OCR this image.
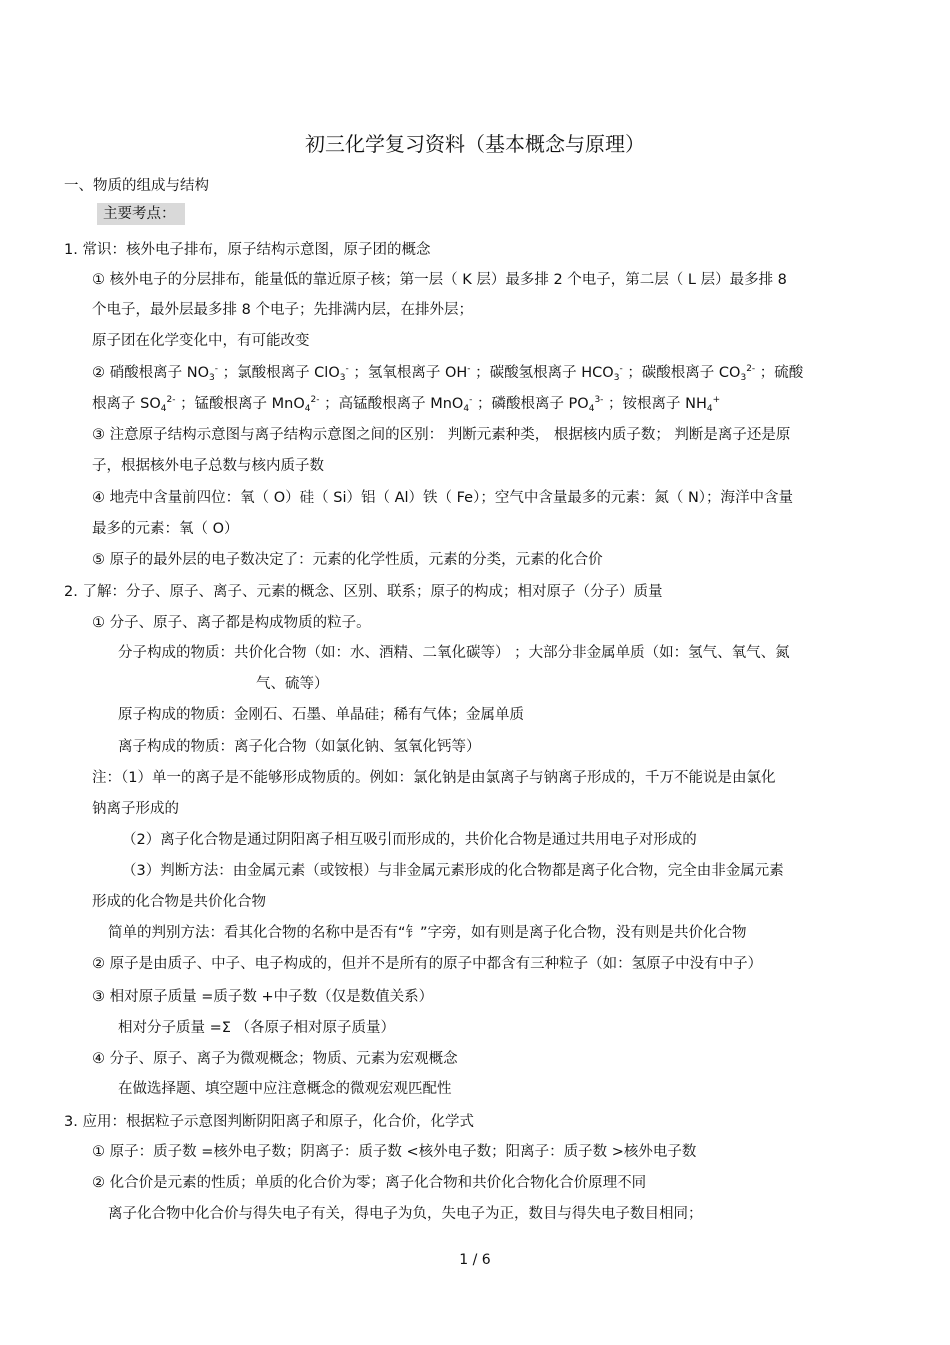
初三化学复习资料（基本概念与原理）
一、物质的组成与结构
主要考点：
1. 常识：核外电子排布，原子结构示意图，原子团的概念
① 核外电子的分层排布，能量低的靠近原子核；第一层（ K 层）最多排 2 个电子，第二层（ L 层）最多排 8
个电子，最外层最多排 8 个电子；先排满内层，在排外层；
原子团在化学变化中，有可能改变
② 硝酸根离子 $NO_3^-$ ；氯酸根离子 ClO$_3$- ；氢氧根离子 OH- ；碳酸氢根离子 $HCO_3^-$ ；碳酸根离子 $CO_3^{2-}$ ；硫酸
根离子 $SO_4^{2-}$ ；锰酸根离子 MnO$_4^{2-}$ ；高锰酸根离子 MnO$_4$- ；磷酸根离子 $PO_4^{3-}$ ；铵根离子 $NH_4^+$
③ 注意原子结构示意图与离子结构示意图之间的区别： 判断元素种类， 根据核内质子数； 判断是离子还是原
子，根据核外电子总数与核内质子数
④ 地壳中含量前四位：氧（ O）硅（ Si）铝（ Al）铁（ Fe）；空气中含量最多的元素：氮（ N）；海洋中含量
最多的元素：氧（ O）
⑤ 原子的最外层的电子数决定了：元素的化学性质，元素的分类，元素的化合价
2. 了解：分子、原子、离子、元素的概念、区别、联系；原子的构成；相对原子（分子）质量
① 分子、原子、离子都是构成物质的粒子。
分子构成的物质：共价化合物（如：水、酒精、二氧化碳等） ；大部分非金属单质（如：氢气、氧气、氮
气、硫等）
原子构成的物质：金刚石、石墨、单晶硅；稀有气体；金属单质
离子构成的物质：离子化合物（如氯化钠、氢氧化钙等）
注：（1）单一的离子是不能够形成物质的。例如：氯化钠是由氯离子与钠离子形成的，千万不能说是由氯化
钠离子形成的
（2）离子化合物是通过阴阳离子相互吸引而形成的，共价化合物是通过共用电子对形成的
（3）判断方法：由金属元素（或铵根）与非金属元素形成的化合物都是离子化合物，完全由非金属元素
形成的化合物是共价化合物
简单的判别方法：看其化合物的名称中是否有“钅”字旁，如有则是离子化合物，没有则是共价化合物
② 原子是由质子、中子、电子构成的，但并不是所有的原子中都含有三种粒子（如：氢原子中没有中子）
③ 相对原子质量 =质子数 +中子数（仅是数值关系）
相对分子质量 =Σ （各原子相对原子质量）
④ 分子、原子、离子为微观概念；物质、元素为宏观概念
在做选择题、填空题中应注意概念的微观宏观匹配性
3. 应用：根据粒子示意图判断阴阳离子和原子，化合价，化学式
① 原子：质子数 =核外电子数；阴离子：质子数 <核外电子数；阳离子：质子数 >核外电子数
② 化合价是元素的性质；单质的化合价为零；离子化合物和共价化合物化合价原理不同
离子化合物中化合价与得失电子有关，得电子为负，失电子为正，数目与得失电子数目相同；
1 / 6
